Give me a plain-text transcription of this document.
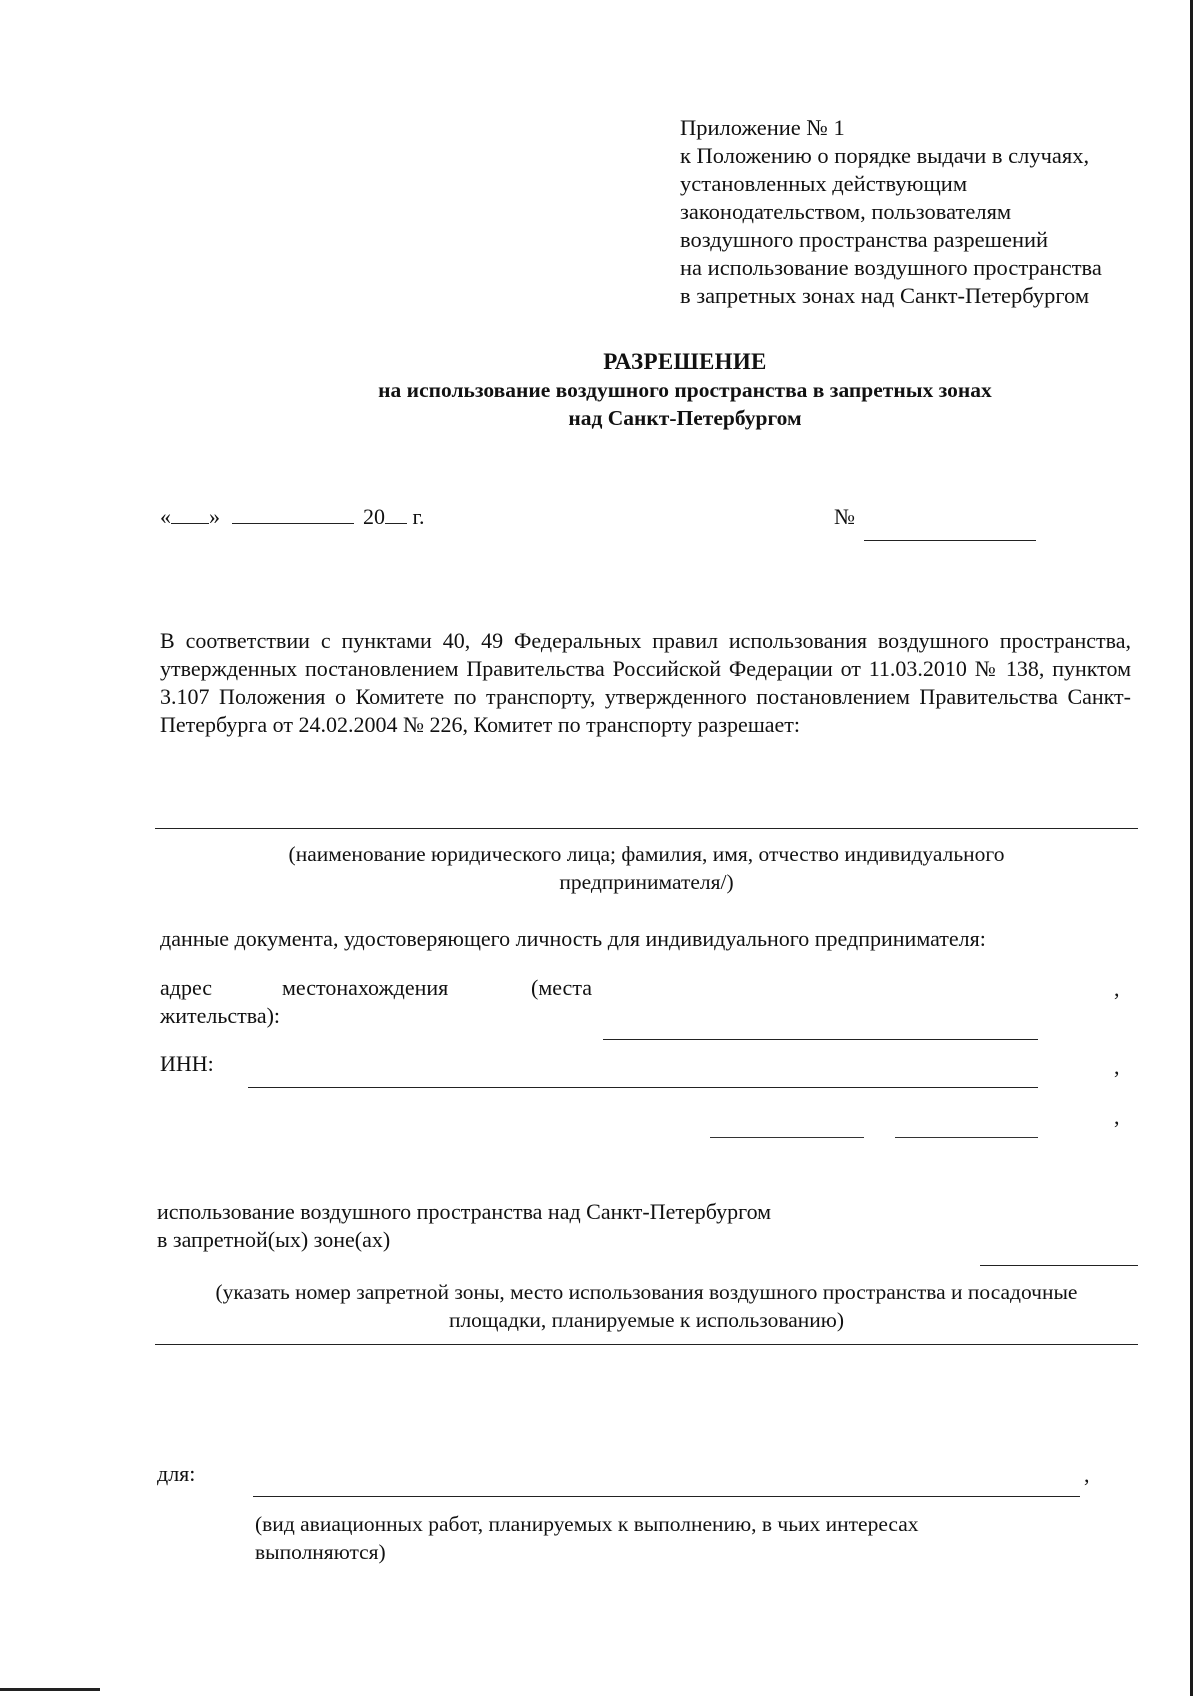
Приложение № 1
к Положению о порядке выдачи в случаях,
установленных действующим
законодательством, пользователям
воздушного пространства разрешений
на использование воздушного пространства
в запретных зонах над Санкт-Петербургом
РАЗРЕШЕНИЕ
на использование воздушного пространства в запретных зонах
над Санкт-Петербургом
« »	20 г.	№
В соответствии с пунктами 40, 49 Федеральных правил использования воздушного пространства, утвержденных постановлением Правительства Российской Федерации от 11.03.2010 № 138, пунктом 3.107 Положения о Комитете по транспорту, утвержденного постановлением Правительства Санкт-Петербурга от 24.02.2004 № 226, Комитет по транспорту разрешает:
(наименование юридического лица; фамилия, имя, отчество индивидуального
предпринимателя/)
данные документа, удостоверяющего личность для индивидуального предпринимателя:
адрес	местонахождения	(места
жительства):
,
ИНН:	,
,
использование воздушного пространства над Санкт-Петербургом
в запретной(ых) зоне(ах)
(указать номер запретной зоны, место использования воздушного пространства и посадочные
площадки, планируемые к использованию)
для:	,
(вид авиационных работ, планируемых к выполнению, в чьих интересах
выполняются)
